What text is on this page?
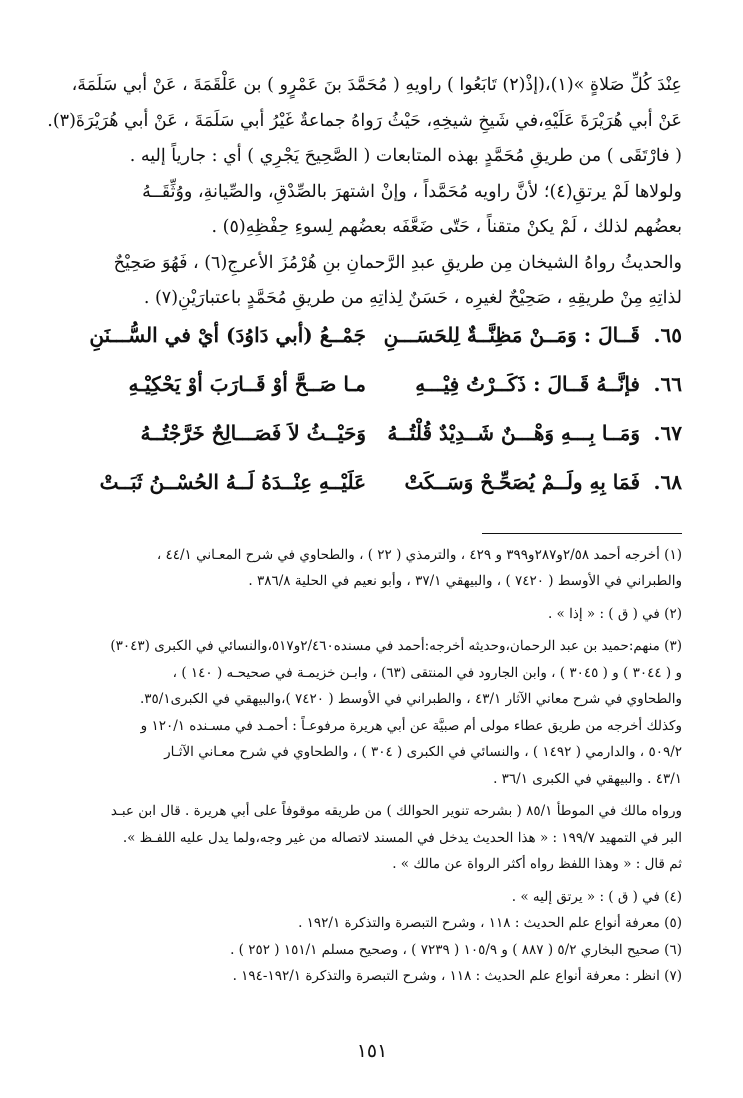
عِنْدَ كُلِّ صَلاةٍ »(١)،(إذْ(٢) تَابَعُوا ) راويهِ ( مُحَمَّدَ بنَ عَمْرٍو ) بن عَلْقَمَةَ ، عَنْ أبي سَلَمَةَ،

عَنْ أبي هُرَيْرَةَ عَلَيْهِ،في شَيخِ شيخِهِ، حَيْثُ رَواهُ جماعةٌ غَيْرُ أبي سَلَمَةَ ، عَنْ أبي هُرَيْرَةَ(٣).

( فارْتَقَى ) من طريقِ مُحَمَّدٍ بهذه المتابعات ( الصَّحِيحَ يَجْرِي ) أي : جارياً إليه .

ولولاها لَمْ يرتقِ(٤)؛ لأنَّ راويه مُحَمَّداً ، وإنْ اشتهرَ بالصِّدْقِ، والصِّيانةِ، ووُثِّقَــهُ

بعضُهم لذلك ، لَمْ يكنْ متقناً ، حَتّى ضَعَّفَه بعضُهم لِسوءِ حِفْظِهِ(٥) .

والحديثُ رواهُ الشيخان مِن طريقِ عبدِ الرَّحمانِ بنِ هُرْمُزَ الأعرجِ(٦) ، فَهُوَ صَحِيْحٌ

لذاتِهِ مِنْ طريقِهِ ، صَحِيْحٌ لغيرِه ، حَسَنٌ لِذاتِهِ من طريقِ مُحَمَّدٍ باعتبارَيْنِ(٧) .

٦٥.
قَــالَ : وَمَــنْ مَظِنَّــةٌ لِلحَسَـــنِ
جَمْــعُ (أبي دَاوُدَ) أيْ في السُّـــنَنِ
٦٦.
فإنَّــهُ قَــالَ : ذَكَــرْتُ فِيْـــهِ
مـا صَــحَّ أوْ قَــارَبَ أوْ يَحْكِيْـهِ
٦٧.
وَمَــا بِـــهِ وَهْـــنٌ شَــدِيْدٌ قُلْتُــهُ
وَحَيْــثُ لاَ فَصَـــالِحٌ خَرَّجْتُــهُ
٦٨.
فَمَا بِهِ ولَــمْ يُصَحِّـحْ وَسَــكَتْ
عَلَيْــهِ عِنْــدَهُ لَــهُ الحُسْــنُ ثَبَــتْ

(١) أخرجه أحمد ٢/٥٨و٢٨٧و٣٩٩ و ٤٢٩ ، والترمذي ( ٢٢ ) ، والطحاوي في شرح المعـاني ٤٤/١ ،

والطبراني في الأوسط ( ٧٤٢٠ ) ، والبيهقي ٣٧/١ ، وأبو نعيم في الحلية ٣٨٦/٨ .

(٢) في ( ق ) : « إذا » .

(٣) منهم:حميد بن عبد الرحمان،وحديثه أخرجه:أحمد في مسنده٢/٤٦٠و٥١٧،والنسائي في الكبرى (٣٠٤٣)

و ( ٣٠٤٤ ) و ( ٣٠٤٥ ) ، وابن الجارود في المنتقى (٦٣) ، وابـن خزيمـة في صحيحـه ( ١٤٠ ) ،

والطحاوي في شرح معاني الآثار ٤٣/١ ، والطبراني في الأوسط ( ٧٤٢٠ )،والبيهقي في الكبرى٣٥/١.

وكذلك أخرجه من طريق عطاء مولى أم صبيَّة عن أبي هريرة مرفوعـاً : أحمـد في مسـنده ١٢٠/١ و

٥٠٩/٢ ، والدارمي ( ١٤٩٢ ) ، والنسائي في الكبرى ( ٣٠٤ ) ، والطحاوي في شرح معـاني الآثـار

٤٣/١ . والبيهقي في الكبرى ٣٦/١ .

ورواه مالك في الموطأ ٨٥/١ ( بشرحه تنوير الحوالك ) من طريقه موقوفاً على أبي هريرة . قال ابن عبـد

البر في التمهيد ١٩٩/٧ : « هذا الحديث يدخل في المسند لاتصاله من غير وجه،ولما يدل عليه اللفـظ ».

ثم قال : « وهذا اللفظ رواه أكثر الرواة عن مالك » .

(٤) في ( ق ) : « يرتق إليه » .

(٥) معرفة أنواع علم الحديث : ١١٨ ، وشرح التبصرة والتذكرة ١٩٢/١ .

(٦) صحيح البخاري ٥/٢ ( ٨٨٧ ) و ١٠٥/٩ ( ٧٢٣٩ ) ، وصحيح مسلم ١٥١/١ ( ٢٥٢ ) .

(٧) انظر : معرفة أنواع علم الحديث : ١١٨ ، وشرح التبصرة والتذكرة ١٩٢/١-١٩٤ .

١٥١
